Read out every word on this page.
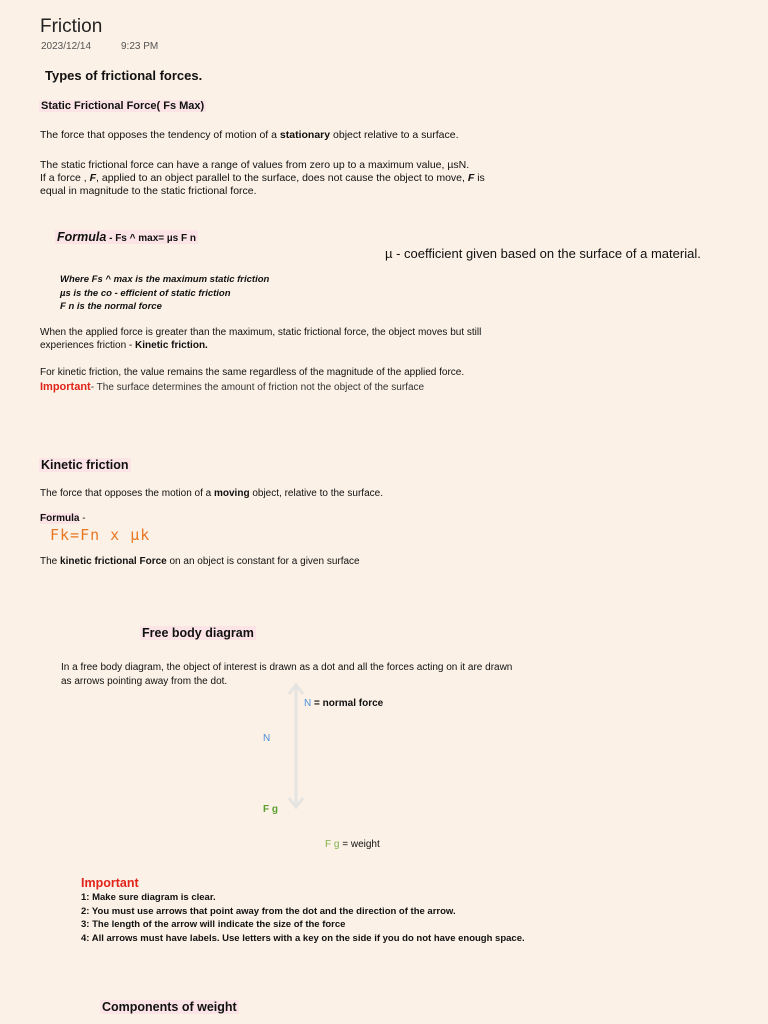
Friction
2023/12/14	9:23 PM
Types of frictional forces.
Static Frictional Force( Fs Max)
The force that opposes the tendency of motion of a stationary object relative to a surface.
The static frictional force can have a range of values from zero up to a maximum value, µsN.
If a force , F, applied to an object parallel to the surface, does not cause the object to move, F is
equal in magnitude to the static frictional force.
Formula - Fs ^ max= µs F n
µ - coefficient given based on the surface of a material.
Where Fs ^ max is the maximum static friction
µs is the co - efficient of static friction
F n is the normal force
When the applied force is greater than the maximum, static frictional force, the object moves but still
experiences friction - Kinetic friction.
For kinetic friction, the value remains the same regardless of the magnitude of the applied force.
Important- The surface determines the amount of friction not the object of the surface
Kinetic friction
The force that opposes the motion of a moving object, relative to the surface.
Formula -
Fk=Fn x µk
The kinetic frictional Force on an object is constant for a given surface
Free body diagram
In a free body diagram, the object of interest is drawn as a dot and all the forces acting on it are drawn
as arrows pointing away from the dot.
N = normal force
N
F g
F g = weight
Important
1: Make sure diagram is clear.
2: You must use arrows that point away from the dot and the direction of the arrow.
3: The length of the arrow will indicate the size of the force
4: All arrows must have labels. Use letters with a key on the side if you do not have enough space.
Components of weight
